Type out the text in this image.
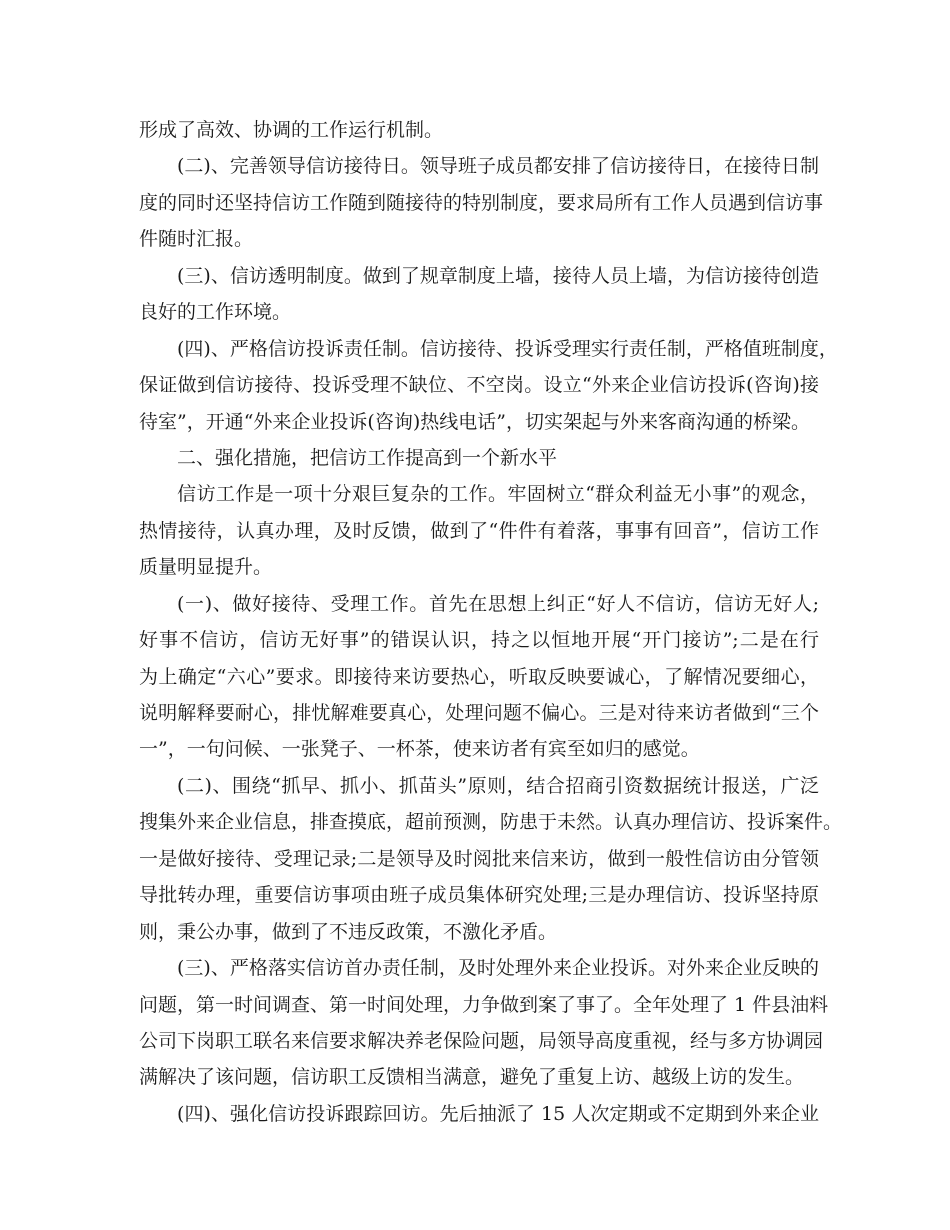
形成了高效、协调的工作运行机制。
(二)、完善领导信访接待日。领导班子成员都安排了信访接待日，在接待日制
度的同时还坚持信访工作随到随接待的特别制度，要求局所有工作人员遇到信访事
件随时汇报。
(三)、信访透明制度。做到了规章制度上墙，接待人员上墙，为信访接待创造
良好的工作环境。
(四)、严格信访投诉责任制。信访接待、投诉受理实行责任制，严格值班制度，
保证做到信访接待、投诉受理不缺位、不空岗。设立“外来企业信访投诉(咨询)接
待室”，开通“外来企业投诉(咨询)热线电话”，切实架起与外来客商沟通的桥梁。
二、强化措施，把信访工作提高到一个新水平
信访工作是一项十分艰巨复杂的工作。牢固树立“群众利益无小事”的观念，
热情接待，认真办理，及时反馈，做到了“件件有着落，事事有回音”，信访工作
质量明显提升。
(一)、做好接待、受理工作。首先在思想上纠正“好人不信访，信访无好人;
好事不信访，信访无好事”的错误认识，持之以恒地开展“开门接访”;二是在行
为上确定“六心”要求。即接待来访要热心，听取反映要诚心，了解情况要细心，
说明解释要耐心，排忧解难要真心，处理问题不偏心。三是对待来访者做到“三个
一”，一句问候、一张凳子、一杯茶，使来访者有宾至如归的感觉。
(二)、围绕“抓早、抓小、抓苗头”原则，结合招商引资数据统计报送，广泛
搜集外来企业信息，排查摸底，超前预测，防患于未然。认真办理信访、投诉案件。
一是做好接待、受理记录;二是领导及时阅批来信来访，做到一般性信访由分管领
导批转办理，重要信访事项由班子成员集体研究处理;三是办理信访、投诉坚持原
则，秉公办事，做到了不违反政策，不激化矛盾。
(三)、严格落实信访首办责任制，及时处理外来企业投诉。对外来企业反映的
问题，第一时间调查、第一时间处理，力争做到案了事了。全年处理了 1 件县油料
公司下岗职工联名来信要求解决养老保险问题，局领导高度重视，经与多方协调园
满解决了该问题，信访职工反馈相当满意，避免了重复上访、越级上访的发生。
(四)、强化信访投诉跟踪回访。先后抽派了 15 人次定期或不定期到外来企业
